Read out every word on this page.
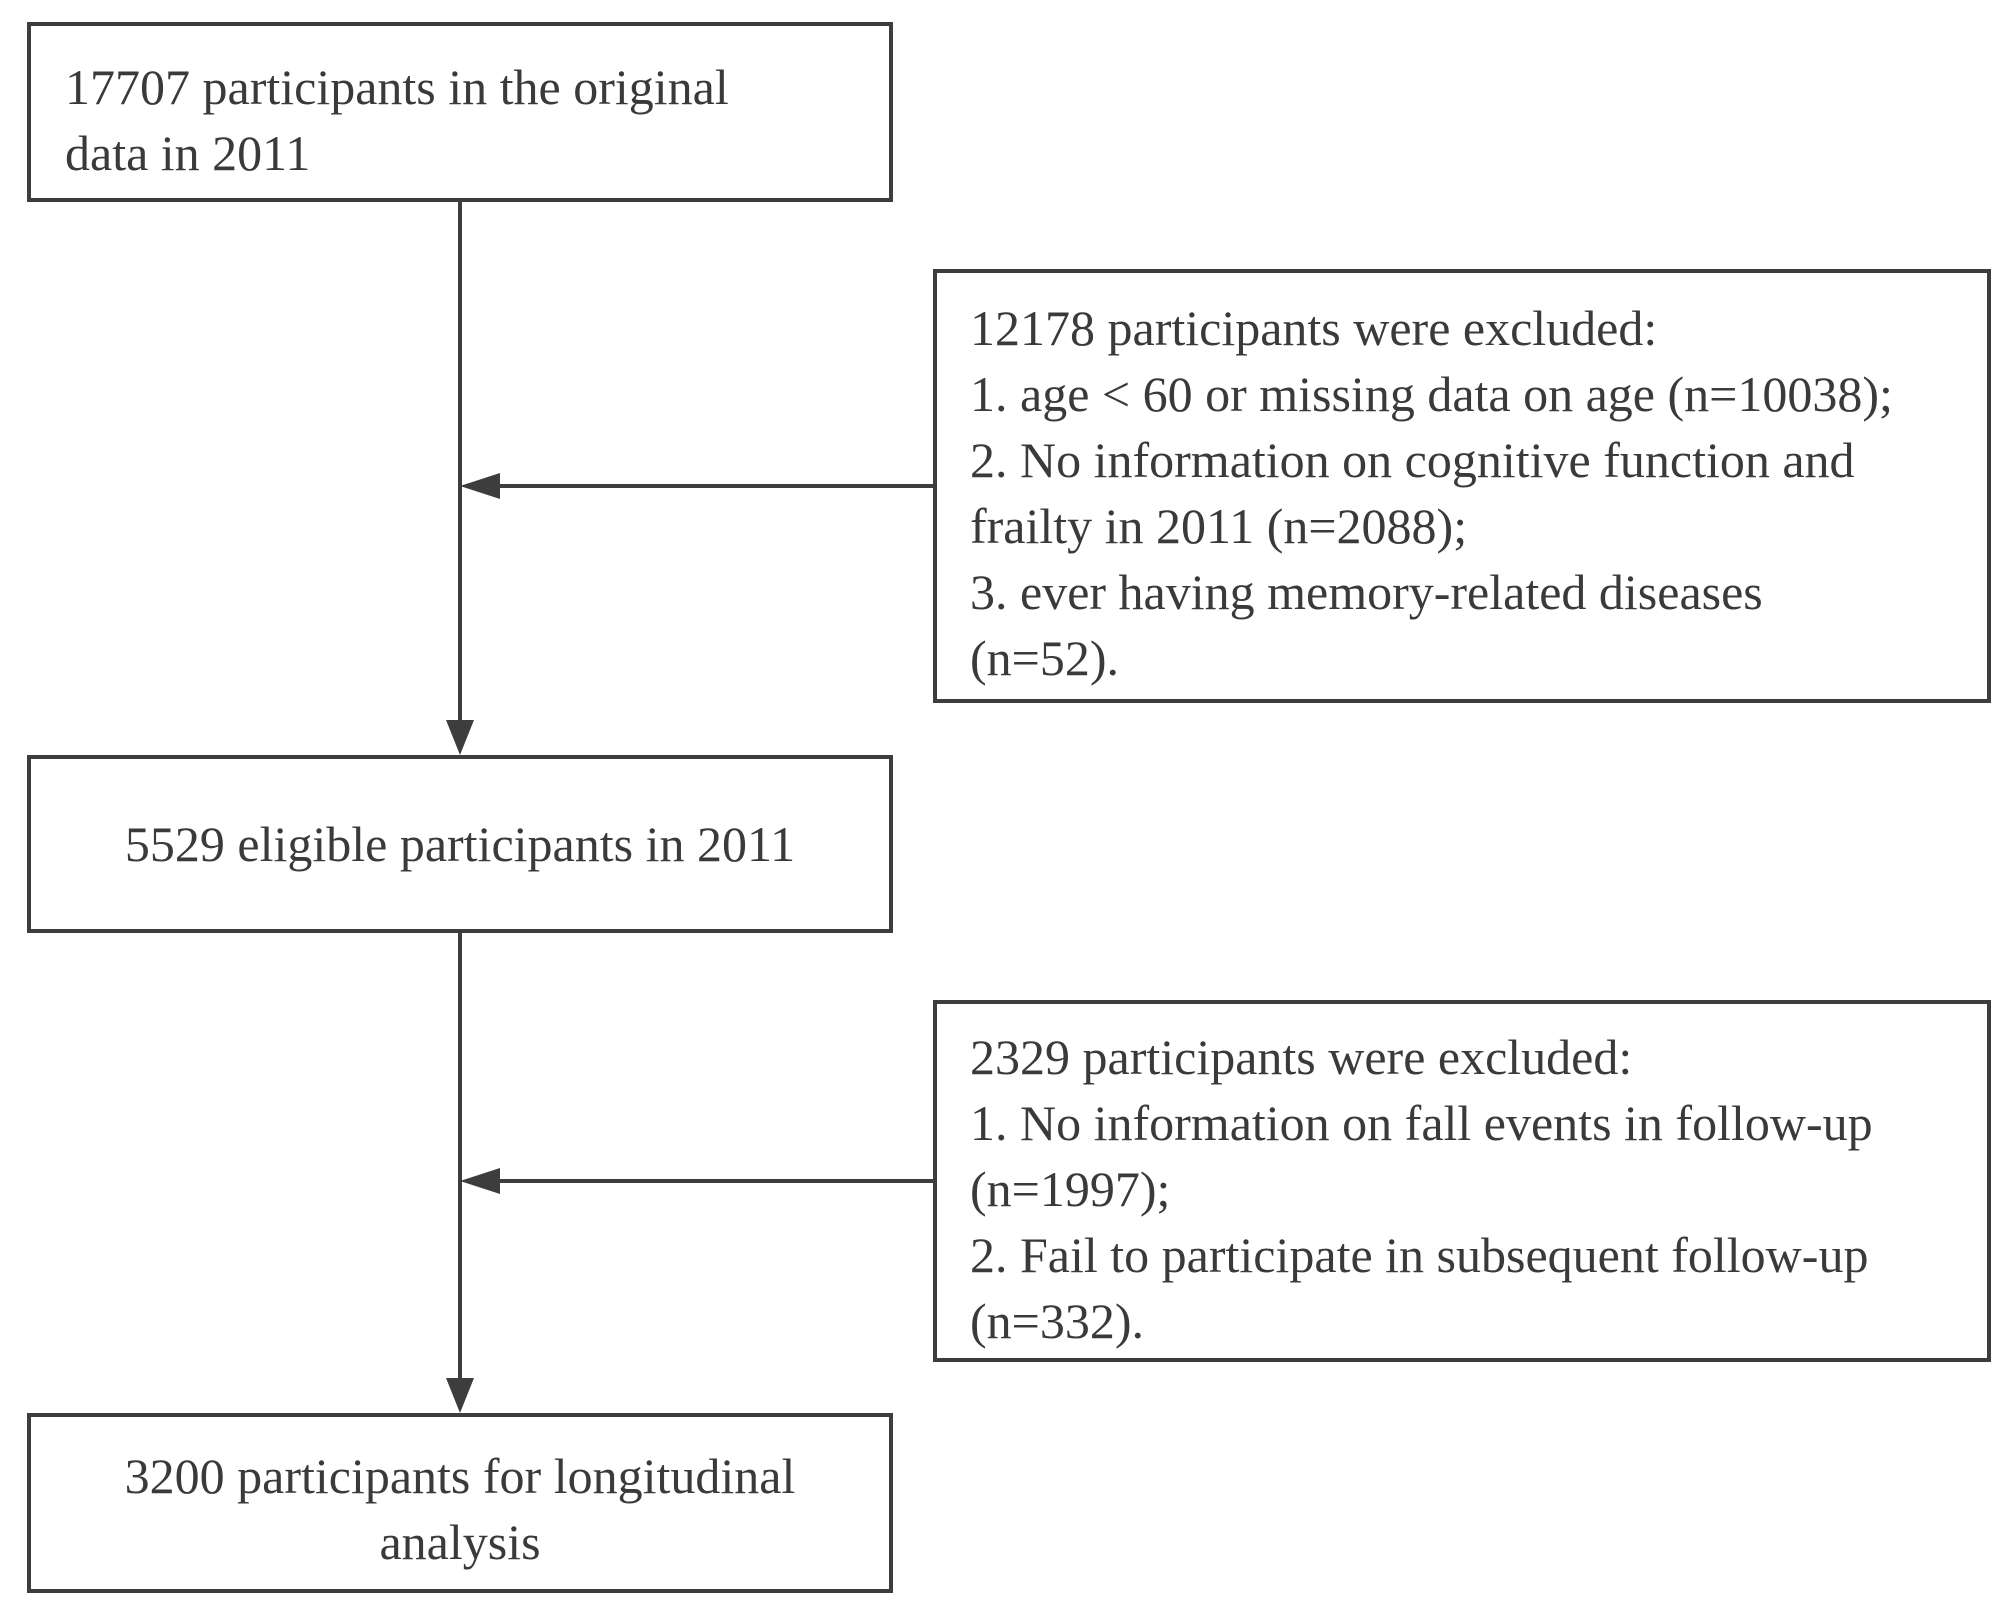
17707 participants in the original
data in 2011
12178 participants were excluded:
1. age < 60 or missing data on age (n=10038);
2. No information on cognitive function and
frailty in 2011 (n=2088);
3. ever having memory-related diseases
(n=52).
5529 eligible participants in 2011
2329 participants were excluded:
1. No information on fall events in follow-up
(n=1997);
2. Fail to participate in subsequent follow-up
(n=332).
3200 participants for longitudinal
analysis
